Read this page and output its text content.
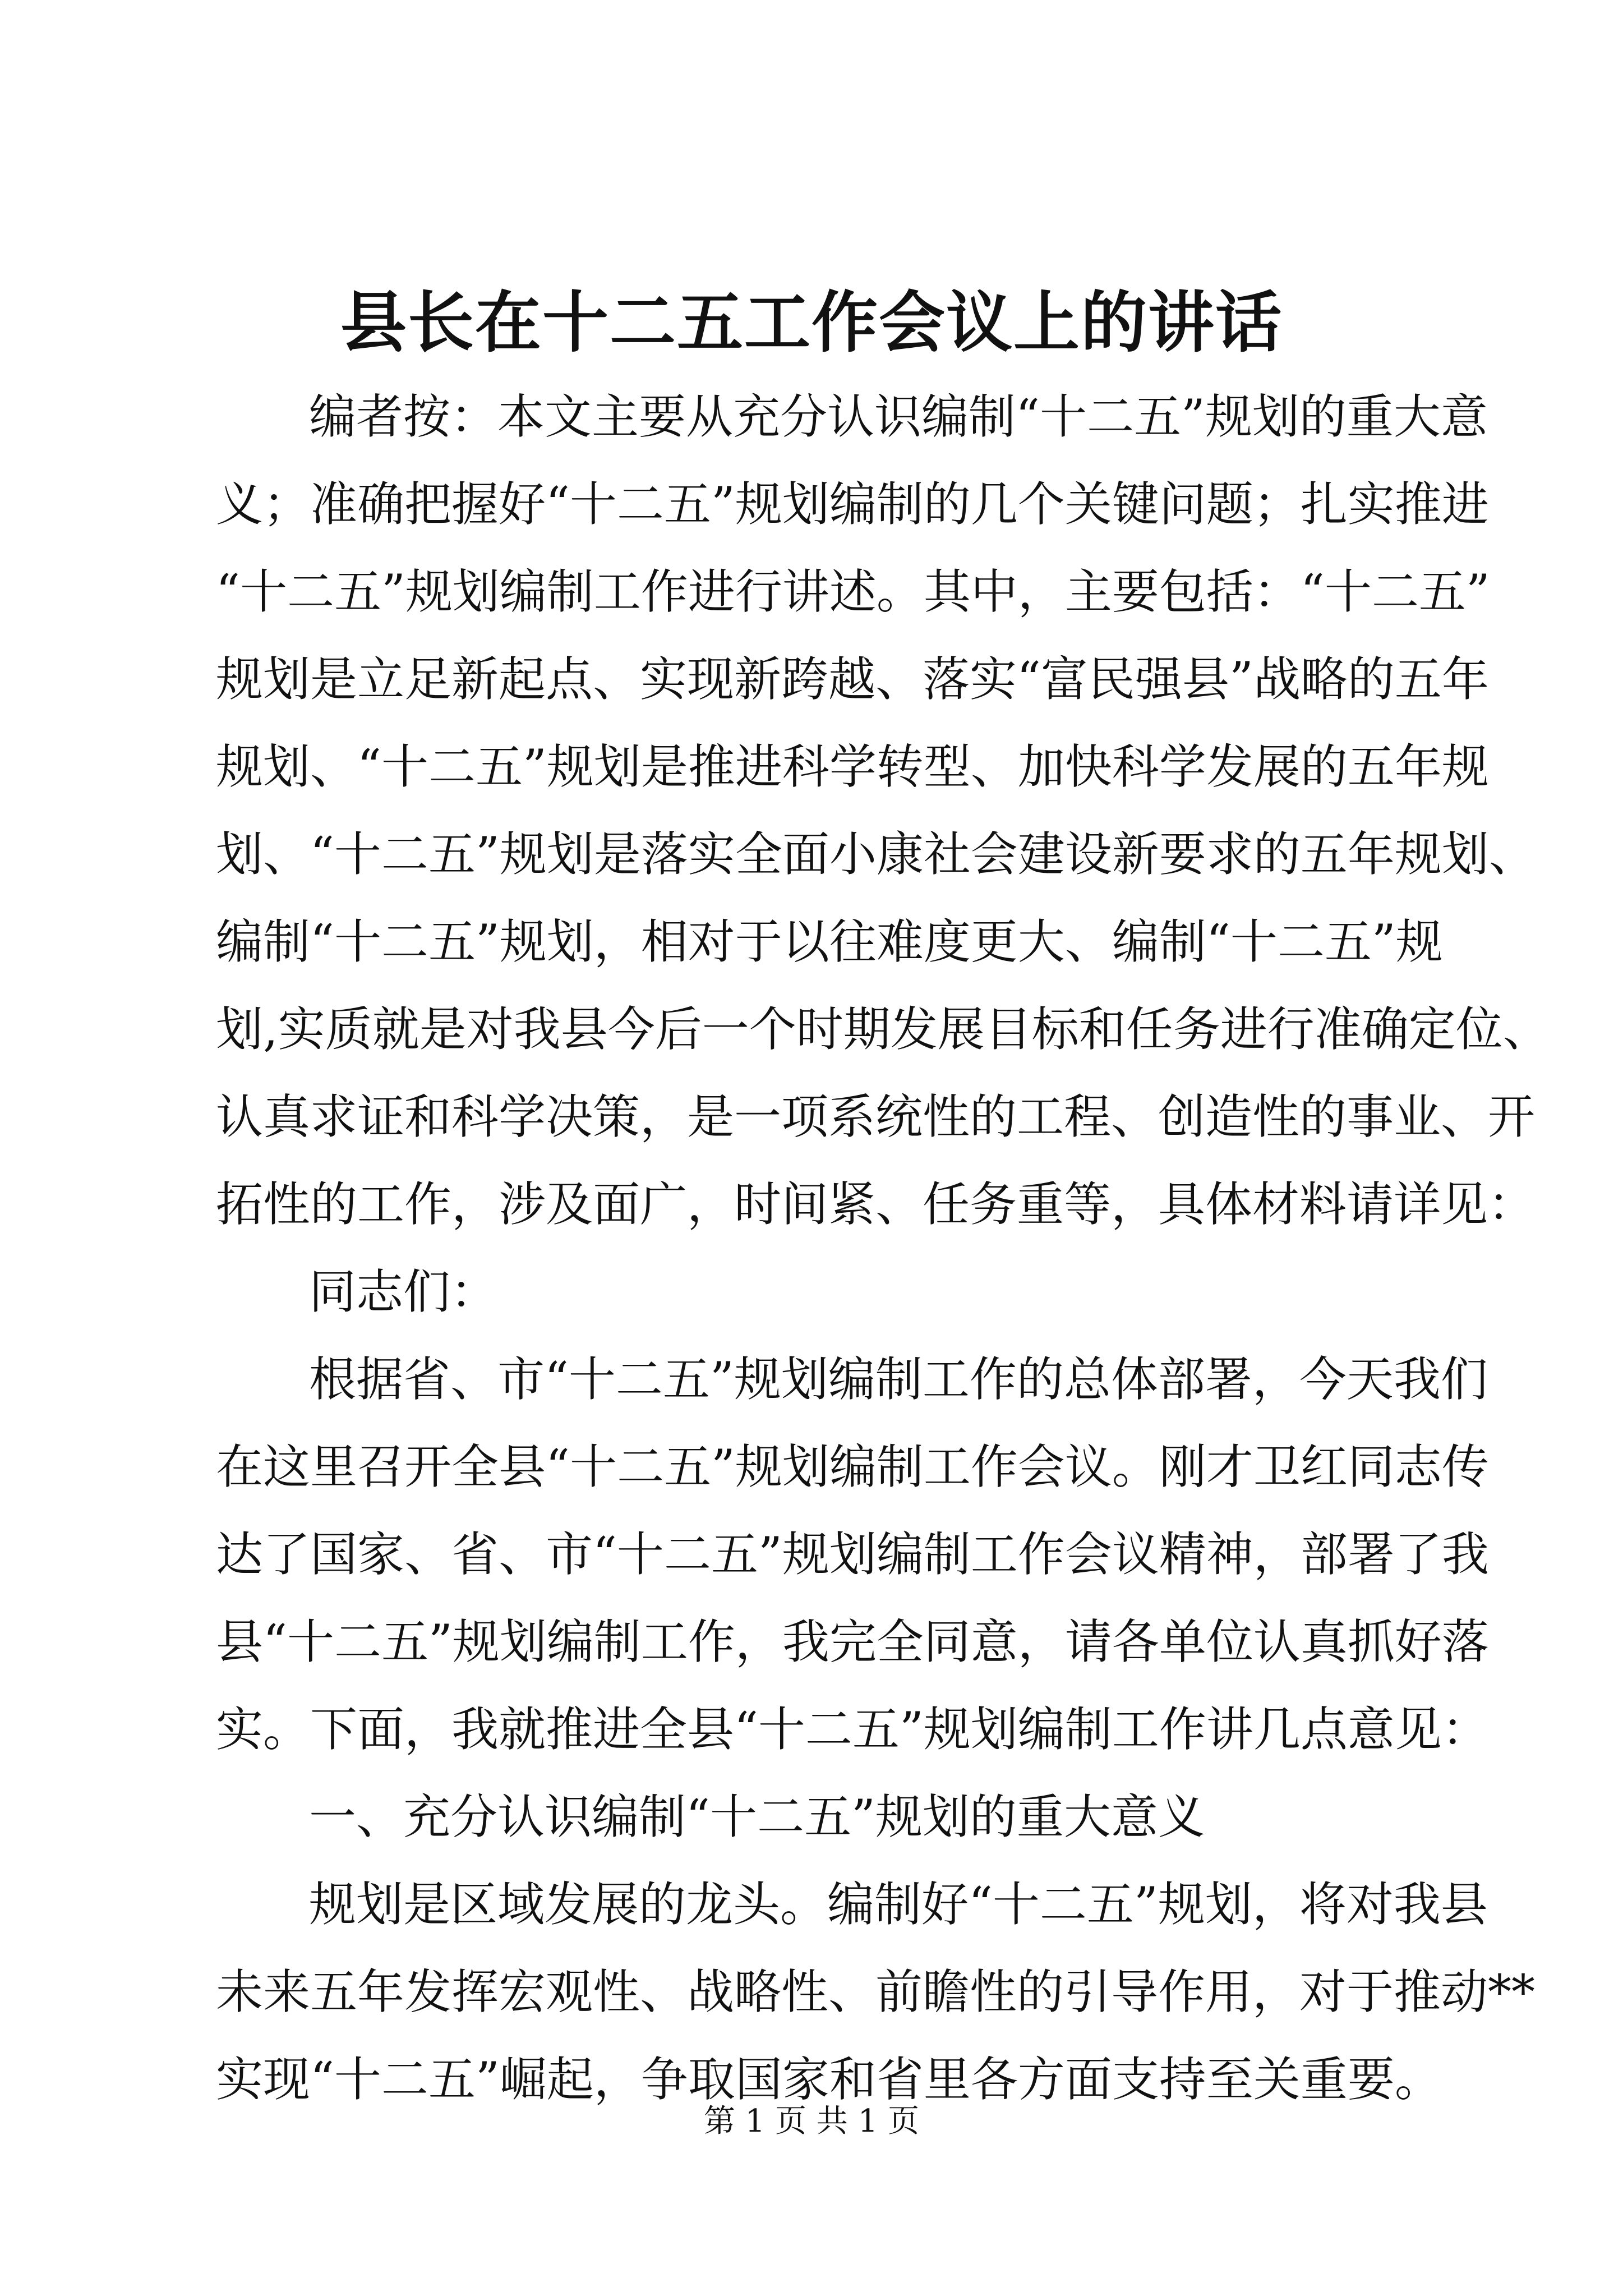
县长在十二五工作会议上的讲话
编者按：本文主要从充分认识编制“十二五”规划的重大意
义；准确把握好“十二五”规划编制的几个关键问题；扎实推进
“十二五”规划编制工作进行讲述。其中，主要包括：“十二五”
规划是立足新起点、实现新跨越、落实“富民强县”战略的五年
规划、“十二五”规划是推进科学转型、加快科学发展的五年规
划、“十二五”规划是落实全面小康社会建设新要求的五年规划、
编制“十二五”规划，相对于以往难度更大、编制“十二五”规
划,实质就是对我县今后一个时期发展目标和任务进行准确定位、
认真求证和科学决策，是一项系统性的工程、创造性的事业、开
拓性的工作，涉及面广，时间紧、任务重等，具体材料请详见：
同志们：
根据省、市“十二五”规划编制工作的总体部署，今天我们
在这里召开全县“十二五”规划编制工作会议。刚才卫红同志传
达了国家、省、市“十二五”规划编制工作会议精神，部署了我
县“十二五”规划编制工作，我完全同意，请各单位认真抓好落
实。下面，我就推进全县“十二五”规划编制工作讲几点意见：
一、充分认识编制“十二五”规划的重大意义
规划是区域发展的龙头。编制好“十二五”规划，将对我县
未来五年发挥宏观性、战略性、前瞻性的引导作用，对于推动**
实现“十二五”崛起，争取国家和省里各方面支持至关重要。
第 1 页 共 1 页
